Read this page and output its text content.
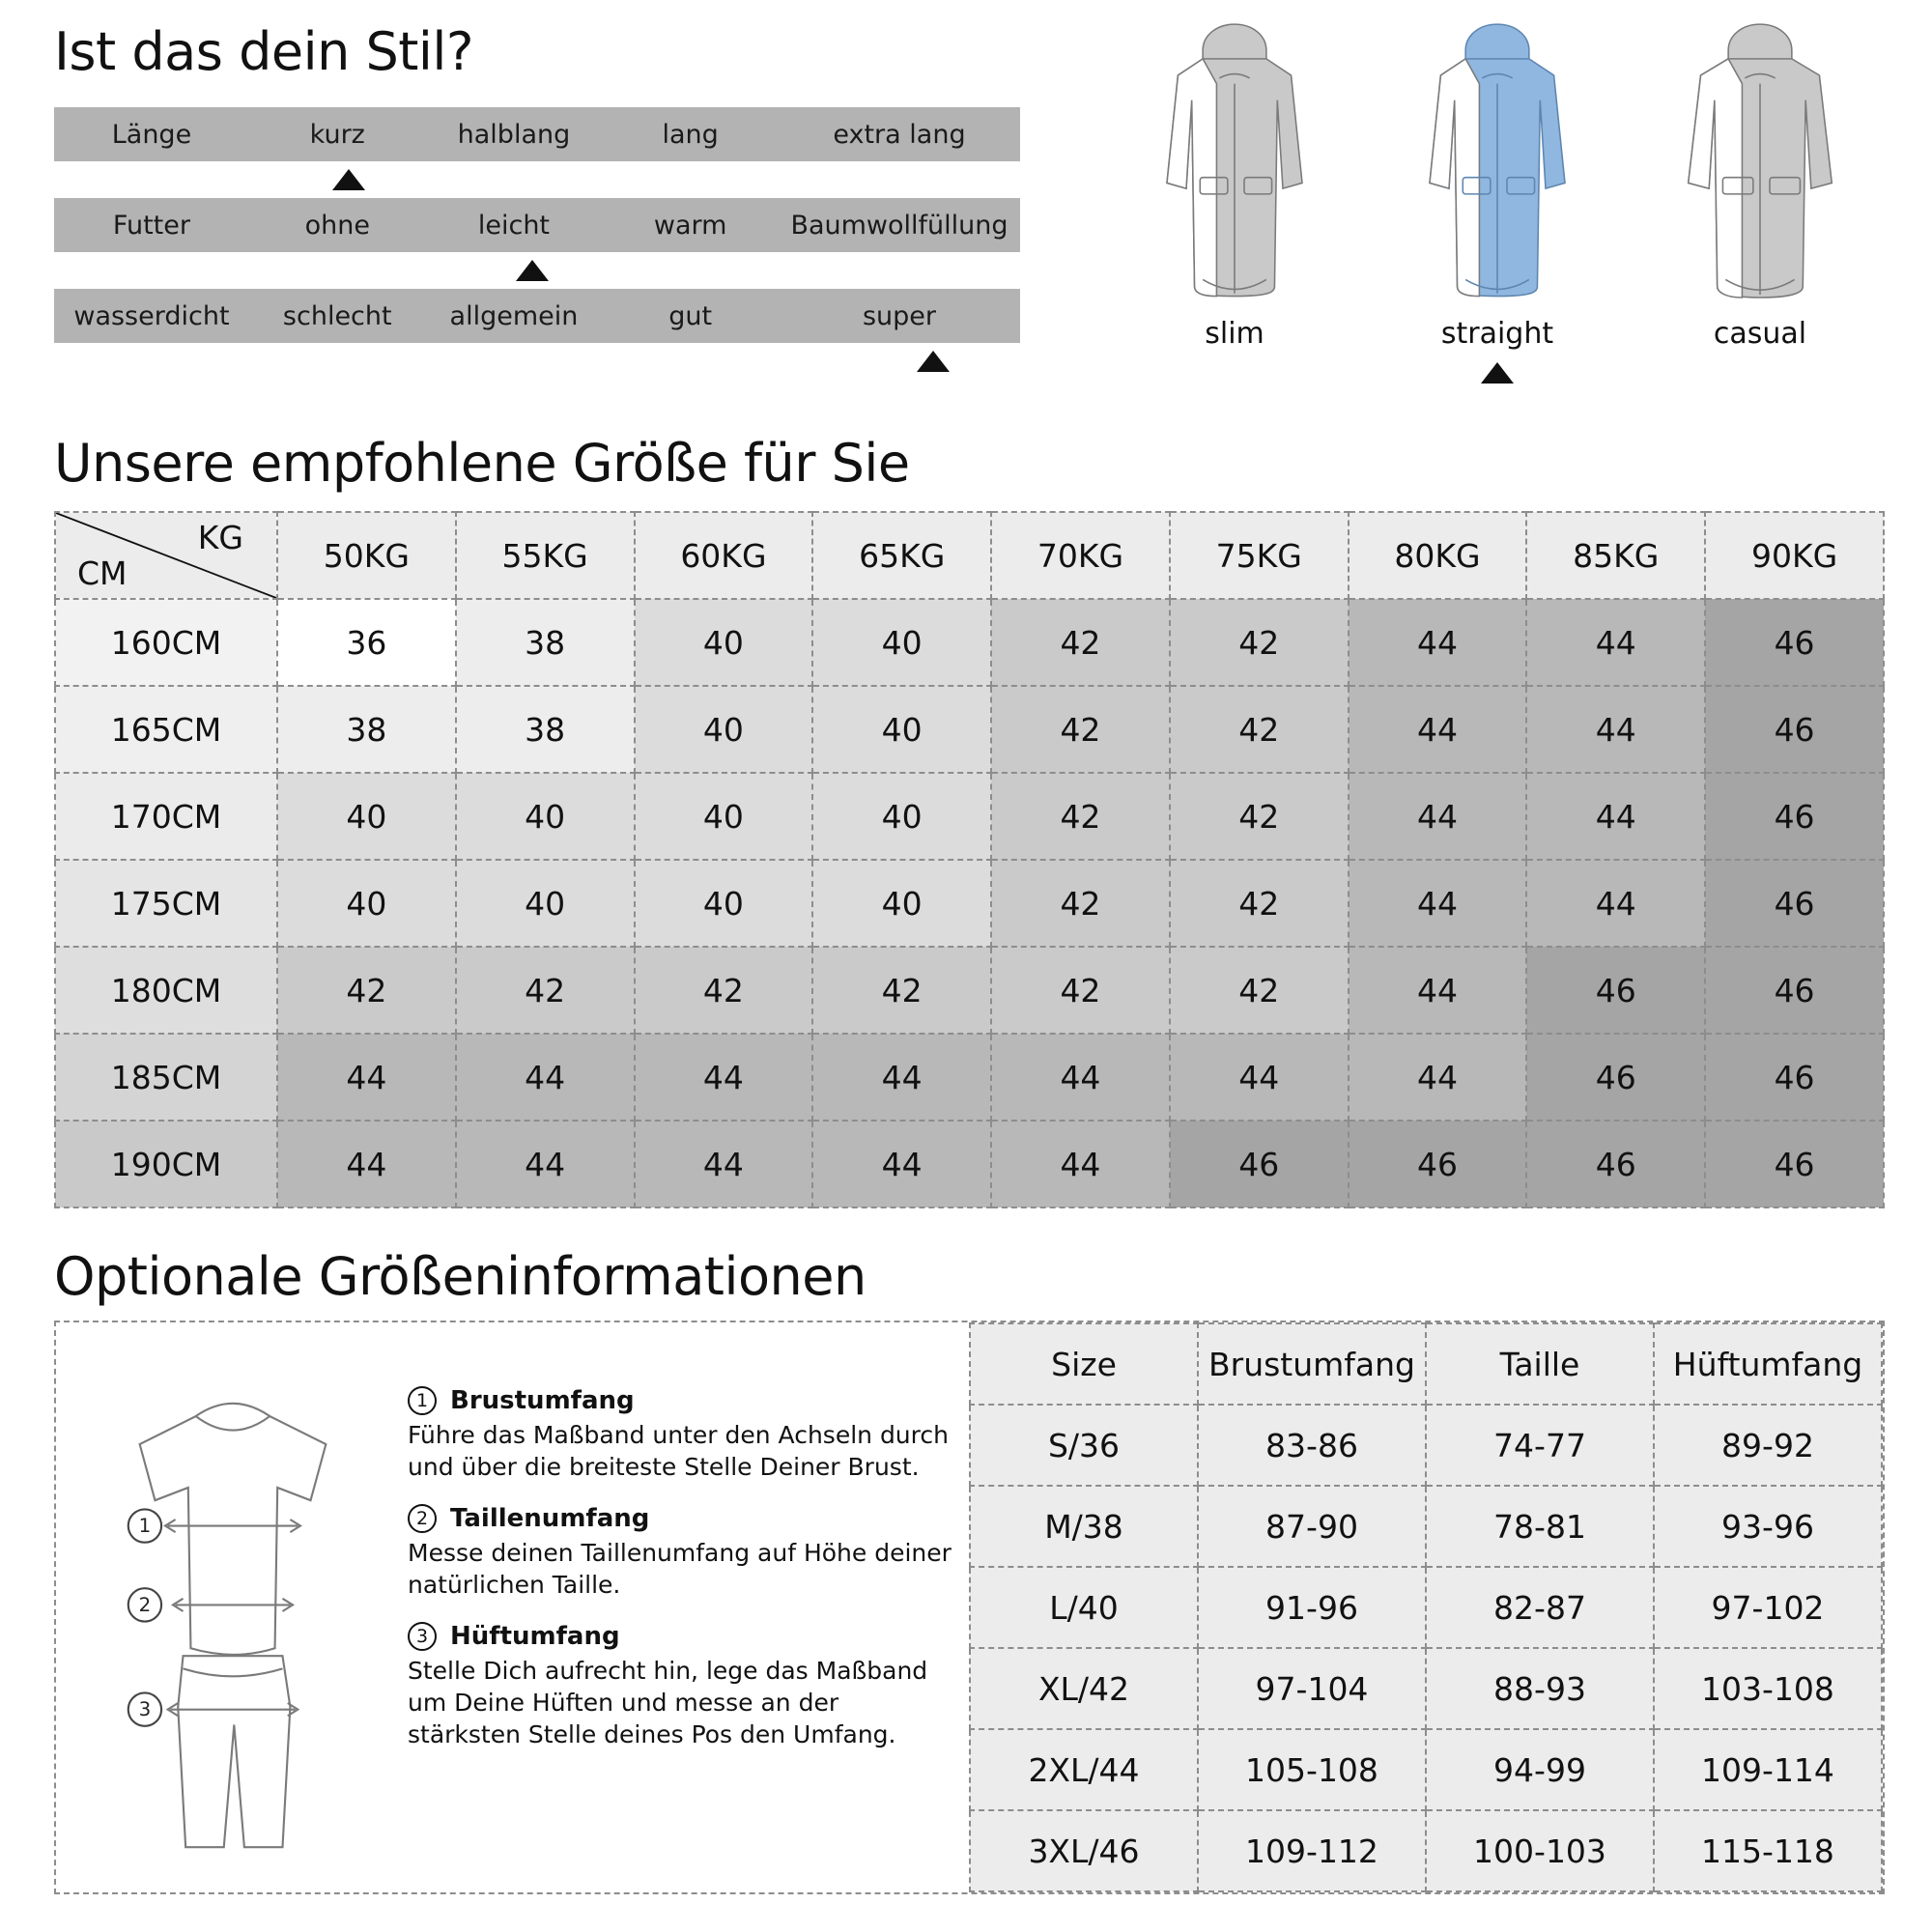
Ist das dein Stil?
Länge	kurz	halblang	lang	extra lang
Futter	ohne	leicht	warm	Baumwollfüllung
wasserdicht	schlecht	allgemein	gut	super
slim	straight	casual
Unsere empfohlene Größe für Sie
KG
CM	50KG	55KG	60KG	65KG	70KG	75KG	80KG	85KG	90KG
160CM	36	38	40	40	42	42	44	44	46
165CM	38	38	40	40	42	42	44	44	46
170CM	40	40	40	40	42	42	44	44	46
175CM	40	40	40	40	42	42	44	44	46
180CM	42	42	42	42	42	42	44	46	46
185CM	44	44	44	44	44	44	44	46	46
190CM	44	44	44	44	44	46	46	46	46
Optionale Größeninformationen
1
2
3
1 Brustumfang
Führe das Maßband unter den Achseln durch und über die breiteste Stelle Deiner Brust.
2 Taillenumfang
Messe deinen Taillenumfang auf Höhe deiner natürlichen Taille.
3 Hüftumfang
Stelle Dich aufrecht hin, lege das Maßband um Deine Hüften und messe an der stärksten Stelle deines Pos den Umfang.
Size	Brustumfang	Taille	Hüftumfang
S/36	83-86	74-77	89-92
M/38	87-90	78-81	93-96
L/40	91-96	82-87	97-102
XL/42	97-104	88-93	103-108
2XL/44	105-108	94-99	109-114
3XL/46	109-112	100-103	115-118
